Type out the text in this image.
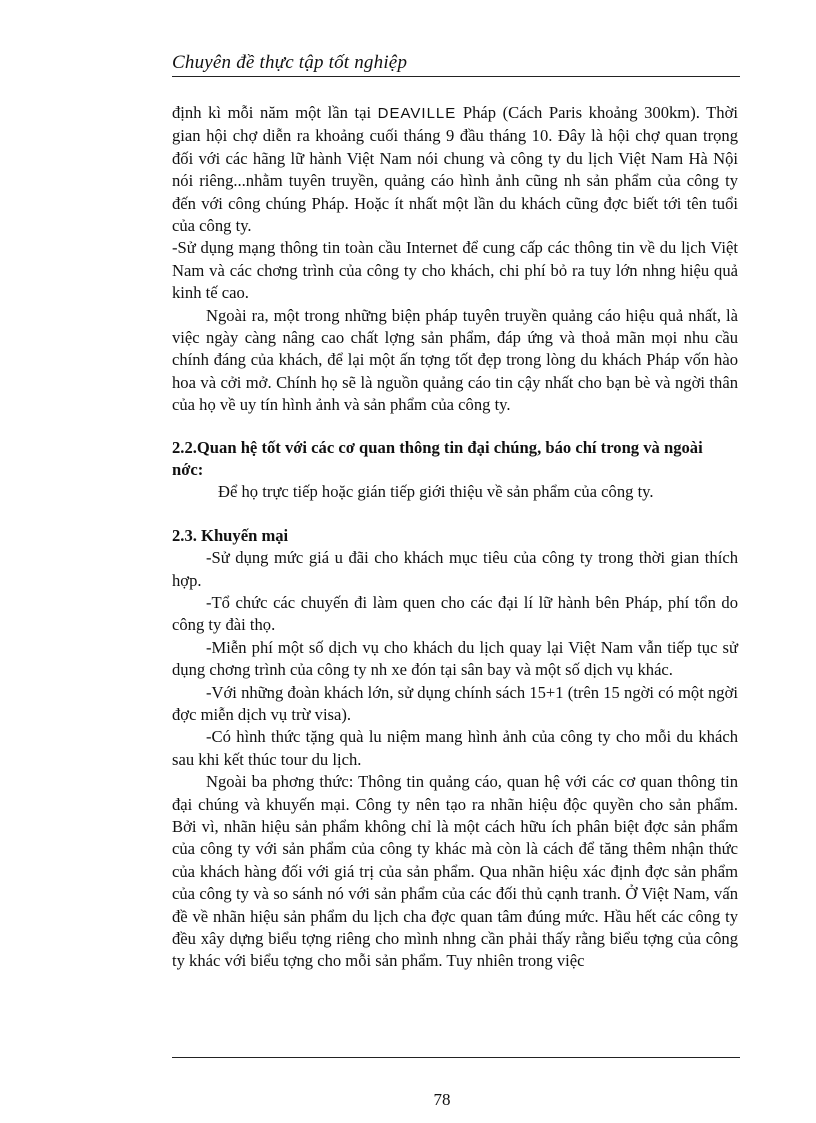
Chuyên đề thực tập tốt nghiệp

định kì mỗi năm một lần tại DEAVILLE Pháp (Cách Paris khoảng 300km). Thời gian hội chợ diễn ra khoảng cuối tháng 9 đầu tháng 10. Đây là hội chợ quan trọng đối với các hãng lữ hành Việt Nam nói chung và công ty du lịch Việt Nam Hà Nội nói riêng...nhằm tuyên truyền, quảng cáo hình ảnh cũng nh sản phẩm của công ty đến với công chúng Pháp. Hoặc ít nhất một lần du khách cũng đợc biết tới tên tuổi của công ty.

-Sử dụng mạng thông tin toàn cầu Internet để cung cấp các thông tin về du lịch Việt Nam và các chơng trình của công ty cho khách, chi phí bỏ ra tuy lớn nhng hiệu quả kinh tế cao.

Ngoài ra, một trong những biện pháp tuyên truyền quảng cáo hiệu quả nhất, là việc ngày càng nâng cao chất lợng sản phẩm, đáp ứng và thoả mãn mọi nhu cầu chính đáng của khách, để lại một ấn tợng tốt đẹp trong lòng du khách Pháp vốn hào hoa và cởi mở. Chính họ sẽ là nguồn quảng cáo tin cậy nhất cho bạn bè và ngời thân của họ về uy tín hình ảnh và sản phẩm của công ty.

2.2.Quan hệ tốt với các cơ quan thông tin đại chúng, báo chí trong và ngoài nớc:

Để họ trực tiếp hoặc gián tiếp giới thiệu về sản phẩm của công ty.

2.3. Khuyến mại

-Sử dụng mức giá u đãi cho khách mục tiêu của công ty trong thời gian thích hợp.

-Tổ chức các chuyến đi làm quen cho các đại lí lữ hành bên Pháp, phí tổn do công ty đài thọ.

-Miễn phí một số dịch vụ cho khách du lịch quay lại Việt Nam vẫn tiếp tục sử dụng chơng trình của công ty nh xe đón tại sân bay và một số dịch vụ khác.

-Với những đoàn khách lớn, sử dụng chính sách 15+1 (trên 15 ngời có một ngời đợc miễn dịch vụ trừ visa).

-Có hình thức tặng quà lu niệm mang hình ảnh của công ty cho mỗi du khách sau khi kết thúc tour du lịch.

Ngoài ba phơng thức: Thông tin quảng cáo, quan hệ với các cơ quan thông tin đại chúng và khuyến mại. Công ty nên tạo ra nhãn hiệu độc quyền cho sản phẩm. Bởi vì, nhãn hiệu sản phẩm không chỉ là một cách hữu ích phân biệt đợc sản phẩm của công ty với sản phẩm của công ty khác mà còn là cách để tăng thêm nhận thức của khách hàng đối với giá trị của sản phẩm. Qua nhãn hiệu xác định đợc sản phẩm của công ty và so sánh nó với sản phẩm của các đối thủ cạnh tranh. Ở Việt Nam, vấn đề về nhãn hiệu sản phẩm du lịch cha đợc quan tâm đúng mức. Hầu hết các công ty đều xây dựng biểu tợng riêng cho mình nhng cần phải thấy rằng biểu tợng của công ty khác với biểu tợng cho mỗi sản phẩm. Tuy nhiên trong việc

78
